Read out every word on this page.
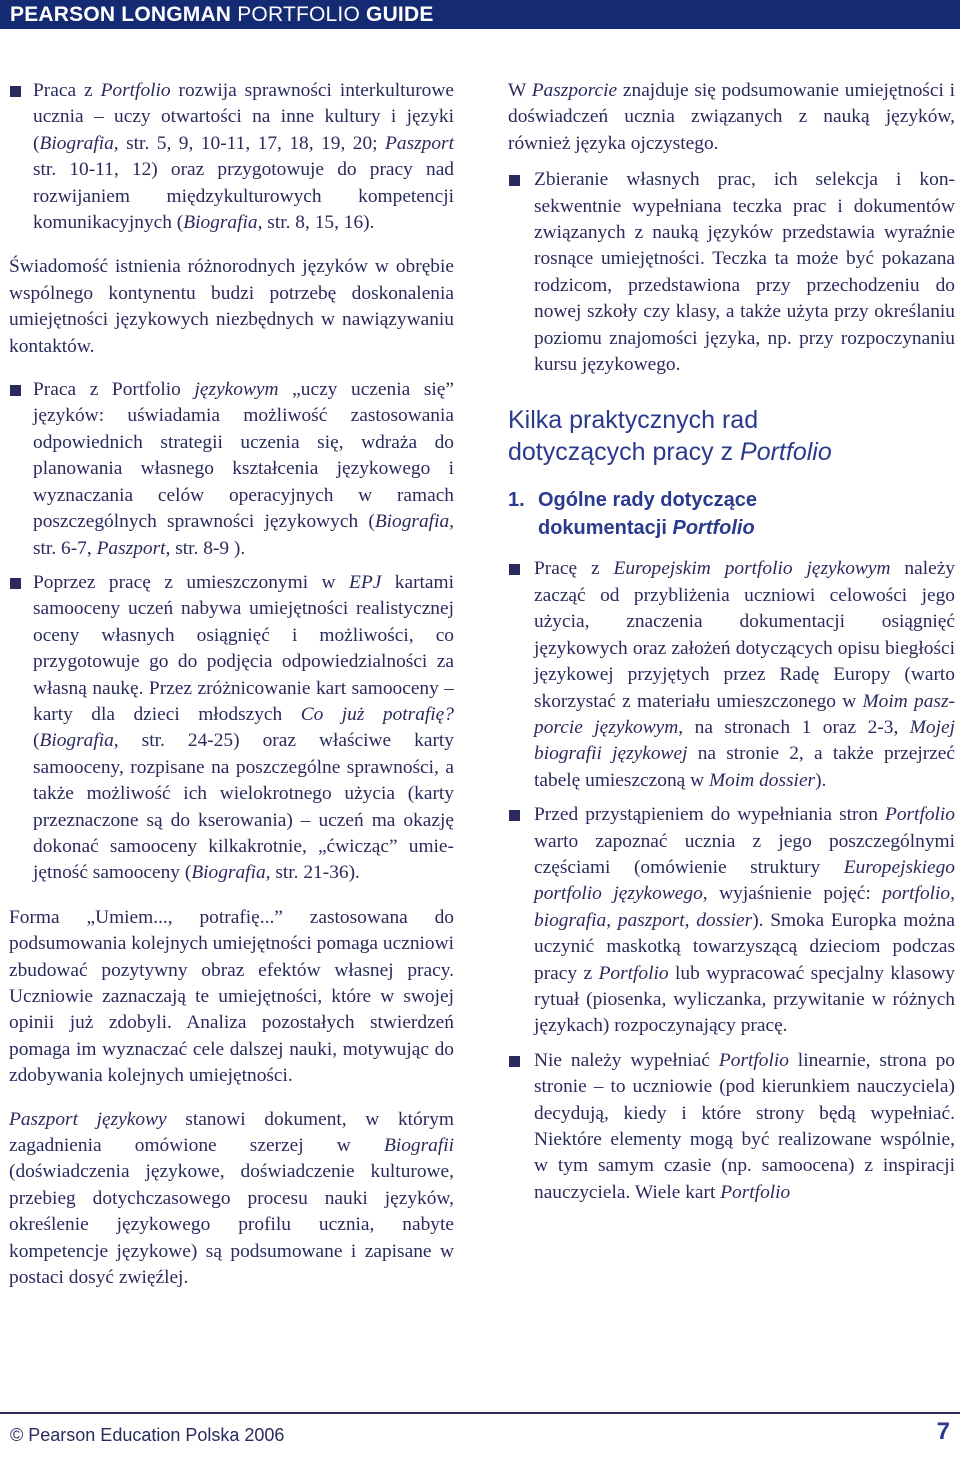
PEARSON LONGMAN PORTFOLIO GUIDE
Praca z Portfolio rozwija sprawności interkulturowe ucznia – uczy otwartości na inne kultury i języki (Biografia, str. 5, 9, 10-11, 17, 18, 19, 20; Paszport str. 10-11, 12) oraz przygotowuje do pracy nad rozwijaniem międzykulturowych kompetencji komunikacyjnych (Biografia, str. 8, 15, 16).

Świadomość istnienia różnorodnych języków w obrębie wspólnego kontynentu budzi potrzebę doskonalenia umiejętności językowych niezbędnych w nawiązywaniu kontaktów.

Praca z Portfolio językowym „uczy uczenia się” języków: uświadamia możliwość zastosowania odpowiednich strategii uczenia się, wdraża do planowania własnego kształcenia językowego i wyznaczania celów operacyjnych w ramach poszczególnych sprawności językowych (Biografia, str. 6-7, Paszport, str. 8-9 ).
Poprzez pracę z umieszczonymi w EPJ kartami samooceny uczeń nabywa umiejętności realistycznej oceny własnych osiągnięć i możliwości, co przygotowuje go do podjęcia odpowiedzialności za własną naukę. Przez zróżnicowanie kart samooceny – karty dla dzieci młodszych Co już potrafię? (Biografia, str. 24-25) oraz właściwe karty samooceny, rozpisane na poszczególne sprawności, a także możliwość ich wielokrotnego użycia (karty przeznaczone są do kserowania) – uczeń ma okazję dokonać samooceny kilkakrotnie, „ćwicząc” umiejętność samooceny (Biografia, str. 21-36).

Forma „Umiem..., potrafię...” zastosowana do podsumowania kolejnych umiejętności pomaga uczniowi zbudować pozytywny obraz efektów własnej pracy. Uczniowie zaznaczają te umiejętności, które w swojej opinii już zdobyli. Analiza pozostałych stwierdzeń pomaga im wyznaczać cele dalszej nauki, motywując do zdobywania kolejnych umiejętności.

Paszport językowy stanowi dokument, w którym zagadnienia omówione szerzej w Biografii (doświadczenia językowe, doświadczenie kulturowe, przebieg dotychczasowego procesu nauki języków, określenie językowego profilu ucznia, nabyte kompetencje językowe) są podsumowane i zapisane w postaci dosyć zwięźlej.

W Paszporcie znajduje się podsumowanie umiejętności i doświadczeń ucznia związanych z nauką języków, również języka ojczystego.

Zbieranie własnych prac, ich selekcja i konsekwentnie wypełniana teczka prac i dokumentów związanych z nauką języków przedstawia wyraźnie rosnące umiejętności. Teczka ta może być pokazana rodzicom, przedstawiona przy przechodzeniu do nowej szkoły czy klasy, a także użyta przy określaniu poziomu znajomości języka, np. przy rozpoczynaniu kursu językowego.
Kilka praktycznych rad
dotyczących pracy z Portfolio
1. Ogólne rady dotyczące
dokumentacji Portfolio
Pracę z Europejskim portfolio językowym należy zacząć od przybliżenia uczniowi celowości jego użycia, znaczenia dokumentacji osiągnięć językowych oraz założeń dotyczących opisu biegłości językowej przyjętych przez Radę Europy (warto skorzystać z materiału umieszczonego w Moim paszporcie językowym, na stronach 1 oraz 2-3, Mojej biografii językowej na stronie 2, a także przejrzeć tabelę umieszczoną w Moim dossier).
Przed przystąpieniem do wypełniania stron Portfolio warto zapoznać ucznia z jego poszczególnymi częściami (omówienie struktury Europejskiego portfolio językowego, wyjaśnienie pojęć: portfolio, biografia, paszport, dossier). Smoka Europka można uczynić maskotką towarzyszącą dzieciom podczas pracy z Portfolio lub wypracować specjalny klasowy rytuał (piosenka, wyliczanka, przywitanie w różnych językach) rozpoczynający pracę.
Nie należy wypełniać Portfolio linearnie, strona po stronie – to uczniowie (pod kierunkiem nauczyciela) decydują, kiedy i które strony będą wypełniać. Niektóre elementy mogą być realizowane wspólnie, w tym samym czasie (np. samoocena) z inspiracji nauczyciela. Wiele kart Portfolio
© Pearson Education Polska 2006	7
